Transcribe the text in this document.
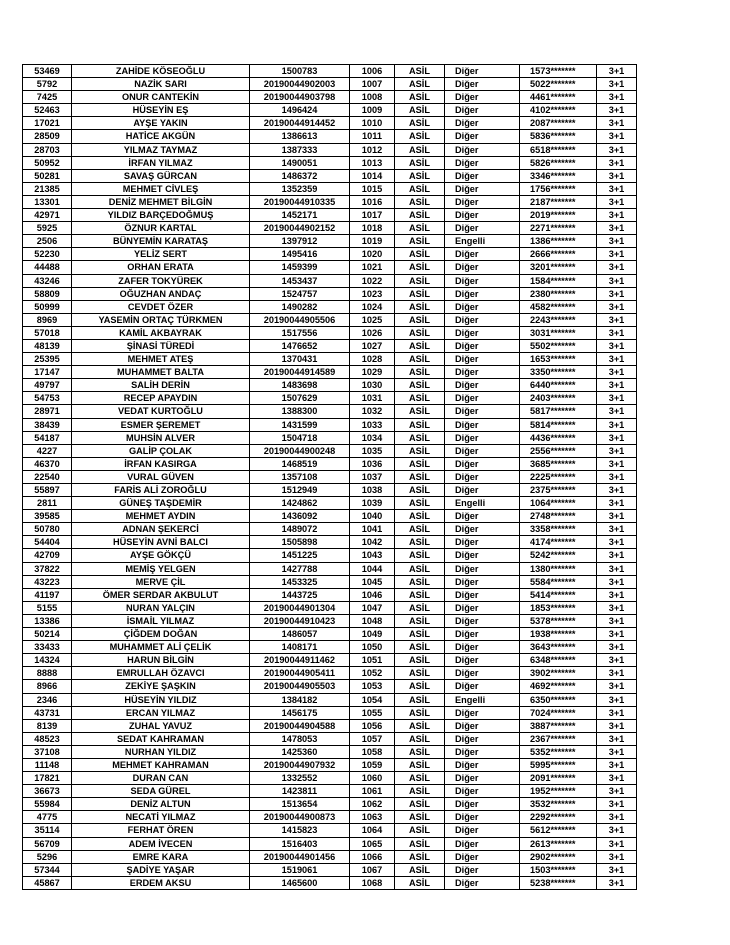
53469	ZAHİDE KÖSEOĞLU	1500783	1006	ASİL	Diğer	1573*******	3+1
5792	NAZİK SARI	20190044902003	1007	ASİL	Diğer	5022*******	3+1
7425	ONUR CANTEKİN	20190044903798	1008	ASİL	Diğer	4461*******	3+1
52463	HÜSEYİN EŞ	1496424	1009	ASİL	Diğer	4102*******	3+1
17021	AYŞE YAKIN	20190044914452	1010	ASİL	Diğer	2087*******	3+1
28509	HATİCE AKGÜN	1386613	1011	ASİL	Diğer	5836*******	3+1
28703	YILMAZ TAYMAZ	1387333	1012	ASİL	Diğer	6518*******	3+1
50952	İRFAN YILMAZ	1490051	1013	ASİL	Diğer	5826*******	3+1
50281	SAVAŞ GÜRCAN	1486372	1014	ASİL	Diğer	3346*******	3+1
21385	MEHMET CİVLEŞ	1352359	1015	ASİL	Diğer	1756*******	3+1
13301	DENİZ MEHMET BİLGİN	20190044910335	1016	ASİL	Diğer	2187*******	3+1
42971	YILDIZ BARÇEDOĞMUŞ	1452171	1017	ASİL	Diğer	2019*******	3+1
5925	ÖZNUR KARTAL	20190044902152	1018	ASİL	Diğer	2271*******	3+1
2506	BÜNYEMİN KARATAŞ	1397912	1019	ASİL	Engelli	1386*******	3+1
52230	YELİZ SERT	1495416	1020	ASİL	Diğer	2666*******	3+1
44488	ORHAN ERATA	1459399	1021	ASİL	Diğer	3201*******	3+1
43246	ZAFER TOKYÜREK	1453437	1022	ASİL	Diğer	1584*******	3+1
58809	OĞUZHAN ANDAÇ	1524757	1023	ASİL	Diğer	2380*******	3+1
50999	CEVDET ÖZER	1490282	1024	ASİL	Diğer	4582*******	3+1
8969	YASEMİN ORTAÇ TÜRKMEN	20190044905506	1025	ASİL	Diğer	2243*******	3+1
57018	KAMİL AKBAYRAK	1517556	1026	ASİL	Diğer	3031*******	3+1
48139	ŞİNASİ TÜREDİ	1476652	1027	ASİL	Diğer	5502*******	3+1
25395	MEHMET ATEŞ	1370431	1028	ASİL	Diğer	1653*******	3+1
17147	MUHAMMET BALTA	20190044914589	1029	ASİL	Diğer	3350*******	3+1
49797	SALİH DERİN	1483698	1030	ASİL	Diğer	6440*******	3+1
54753	RECEP APAYDIN	1507629	1031	ASİL	Diğer	2403*******	3+1
28971	VEDAT KURTOĞLU	1388300	1032	ASİL	Diğer	5817*******	3+1
38439	ESMER ŞEREMET	1431599	1033	ASİL	Diğer	5814*******	3+1
54187	MUHSİN ALVER	1504718	1034	ASİL	Diğer	4436*******	3+1
4227	GALİP ÇOLAK	20190044900248	1035	ASİL	Diğer	2556*******	3+1
46370	İRFAN KASIRGA	1468519	1036	ASİL	Diğer	3685*******	3+1
22540	VURAL GÜVEN	1357108	1037	ASİL	Diğer	2225*******	3+1
55897	FARİS ALİ ZOROĞLU	1512949	1038	ASİL	Diğer	2375*******	3+1
2811	GÜNEŞ TAŞDEMİR	1424862	1039	ASİL	Engelli	1064*******	3+1
39585	MEHMET AYDIN	1436092	1040	ASİL	Diğer	2748*******	3+1
50780	ADNAN ŞEKERCİ	1489072	1041	ASİL	Diğer	3358*******	3+1
54404	HÜSEYİN AVNİ BALCI	1505898	1042	ASİL	Diğer	4174*******	3+1
42709	AYŞE GÖKÇÜ	1451225	1043	ASİL	Diğer	5242*******	3+1
37822	MEMİŞ YELGEN	1427788	1044	ASİL	Diğer	1380*******	3+1
43223	MERVE ÇİL	1453325	1045	ASİL	Diğer	5584*******	3+1
41197	ÖMER SERDAR AKBULUT	1443725	1046	ASİL	Diğer	5414*******	3+1
5155	NURAN YALÇIN	20190044901304	1047	ASİL	Diğer	1853*******	3+1
13386	İSMAİL YILMAZ	20190044910423	1048	ASİL	Diğer	5378*******	3+1
50214	ÇİĞDEM DOĞAN	1486057	1049	ASİL	Diğer	1938*******	3+1
33433	MUHAMMET ALİ ÇELİK	1408171	1050	ASİL	Diğer	3643*******	3+1
14324	HARUN BİLGİN	20190044911462	1051	ASİL	Diğer	6348*******	3+1
8888	EMRULLAH ÖZAVCI	20190044905411	1052	ASİL	Diğer	3902*******	3+1
8966	ZEKİYE ŞAŞKIN	20190044905503	1053	ASİL	Diğer	4692*******	3+1
2346	HÜSEYİN YILDIZ	1384182	1054	ASİL	Engelli	6350*******	3+1
43731	ERCAN YILMAZ	1456175	1055	ASİL	Diğer	7024*******	3+1
8139	ZUHAL YAVUZ	20190044904588	1056	ASİL	Diğer	3887*******	3+1
48523	SEDAT KAHRAMAN	1478053	1057	ASİL	Diğer	2367*******	3+1
37108	NURHAN YILDIZ	1425360	1058	ASİL	Diğer	5352*******	3+1
11148	MEHMET KAHRAMAN	20190044907932	1059	ASİL	Diğer	5995*******	3+1
17821	DURAN CAN	1332552	1060	ASİL	Diğer	2091*******	3+1
36673	SEDA GÜREL	1423811	1061	ASİL	Diğer	1952*******	3+1
55984	DENİZ ALTUN	1513654	1062	ASİL	Diğer	3532*******	3+1
4775	NECATİ YILMAZ	20190044900873	1063	ASİL	Diğer	2292*******	3+1
35114	FERHAT ÖREN	1415823	1064	ASİL	Diğer	5612*******	3+1
56709	ADEM İVECEN	1516403	1065	ASİL	Diğer	2613*******	3+1
5296	EMRE KARA	20190044901456	1066	ASİL	Diğer	2902*******	3+1
57344	ŞADİYE YAŞAR	1519061	1067	ASİL	Diğer	1503*******	3+1
45867	ERDEM AKSU	1465600	1068	ASİL	Diğer	5238*******	3+1
